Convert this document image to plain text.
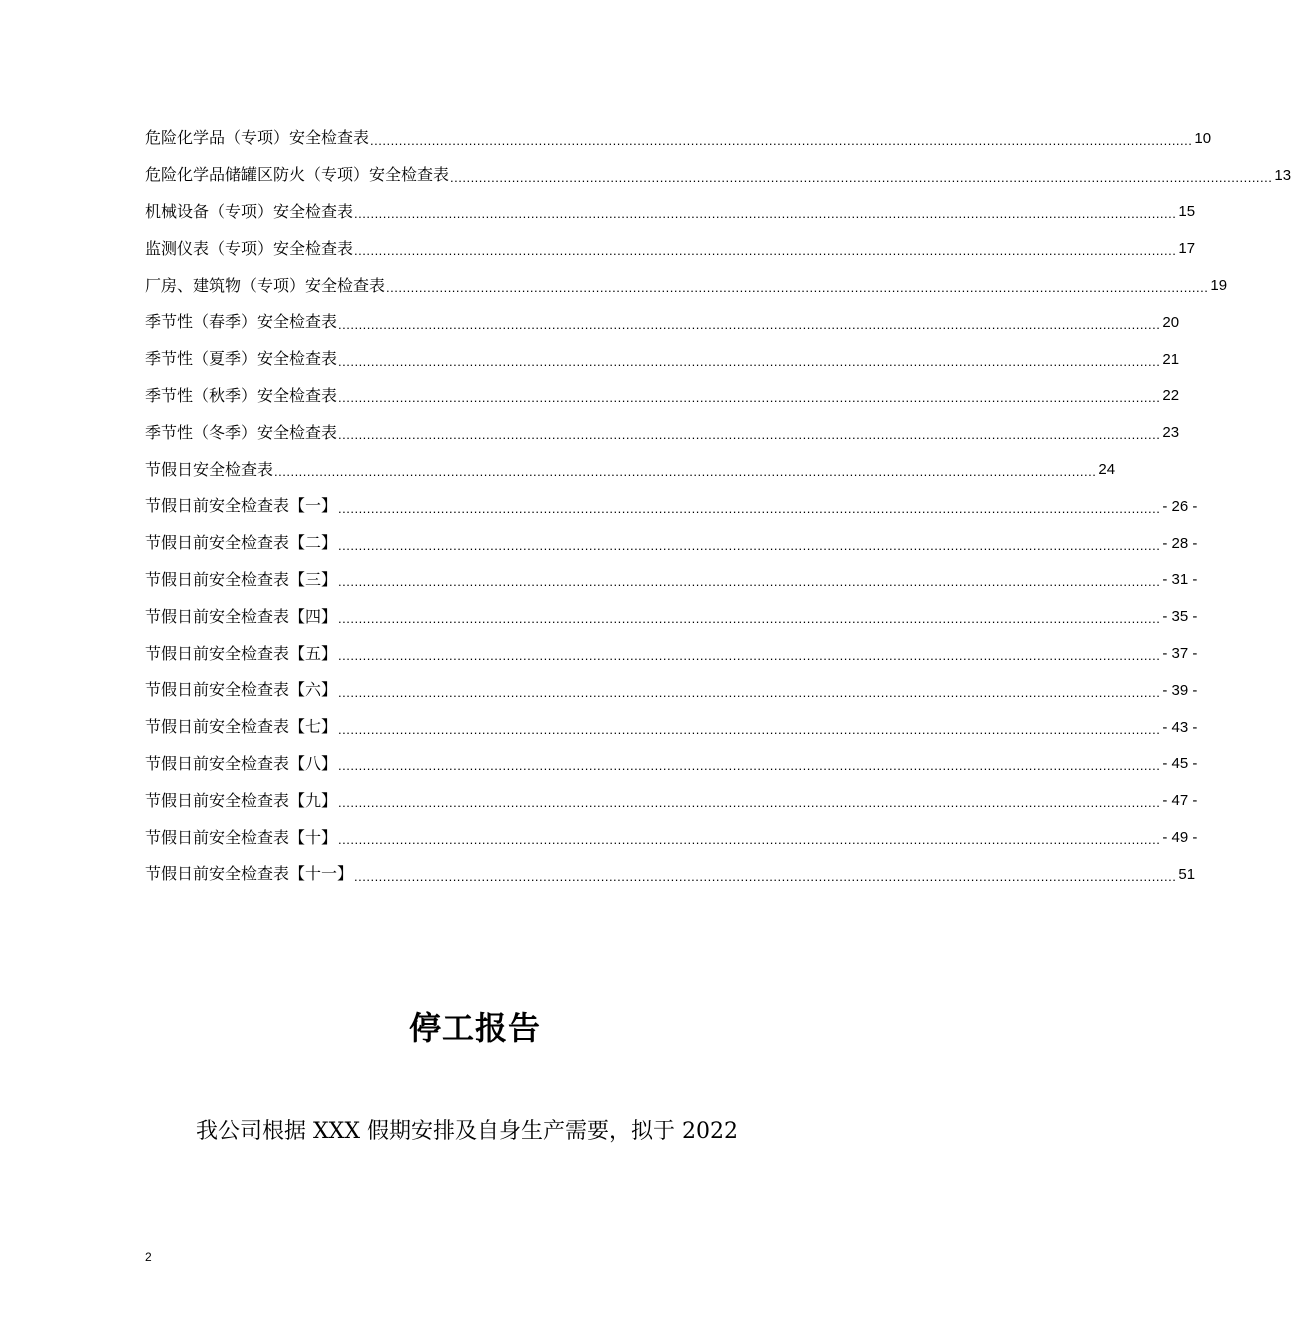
危险化学品（专项）安全检查表 ........................................................................................................................................................................................................ 10
危险化学品储罐区防火（专项）安全检查表 ........................................................................................................................................................................................................ 13
机械设备（专项）安全检查表 ........................................................................................................................................................................................................ 15
监测仪表（专项）安全检查表 ........................................................................................................................................................................................................ 17
厂房、建筑物（专项）安全检查表 ........................................................................................................................................................................................................ 19
季节性（春季）安全检查表 ........................................................................................................................................................................................................ 20
季节性（夏季）安全检查表 ........................................................................................................................................................................................................ 21
季节性（秋季）安全检查表 ........................................................................................................................................................................................................ 22
季节性（冬季）安全检查表 ........................................................................................................................................................................................................ 23
节假日安全检查表 ........................................................................................................................................................................................................ 24
节假日前安全检查表【一】 ........................................................................................................................................................................................................ - 26 -
节假日前安全检查表【二】 ........................................................................................................................................................................................................ - 28 -
节假日前安全检查表【三】 ........................................................................................................................................................................................................ - 31 -
节假日前安全检查表【四】 ........................................................................................................................................................................................................ - 35 -
节假日前安全检查表【五】 ........................................................................................................................................................................................................ - 37 -
节假日前安全检查表【六】 ........................................................................................................................................................................................................ - 39 -
节假日前安全检查表【七】 ........................................................................................................................................................................................................ - 43 -
节假日前安全检查表【八】 ........................................................................................................................................................................................................ - 45 -
节假日前安全检查表【九】 ........................................................................................................................................................................................................ - 47 -
节假日前安全检查表【十】 ........................................................................................................................................................................................................ - 49 -
节假日前安全检查表【十一】 ........................................................................................................................................................................................................ 51
停工报告
我公司根据 XXX 假期安排及自身生产需要，拟于 2022
2
